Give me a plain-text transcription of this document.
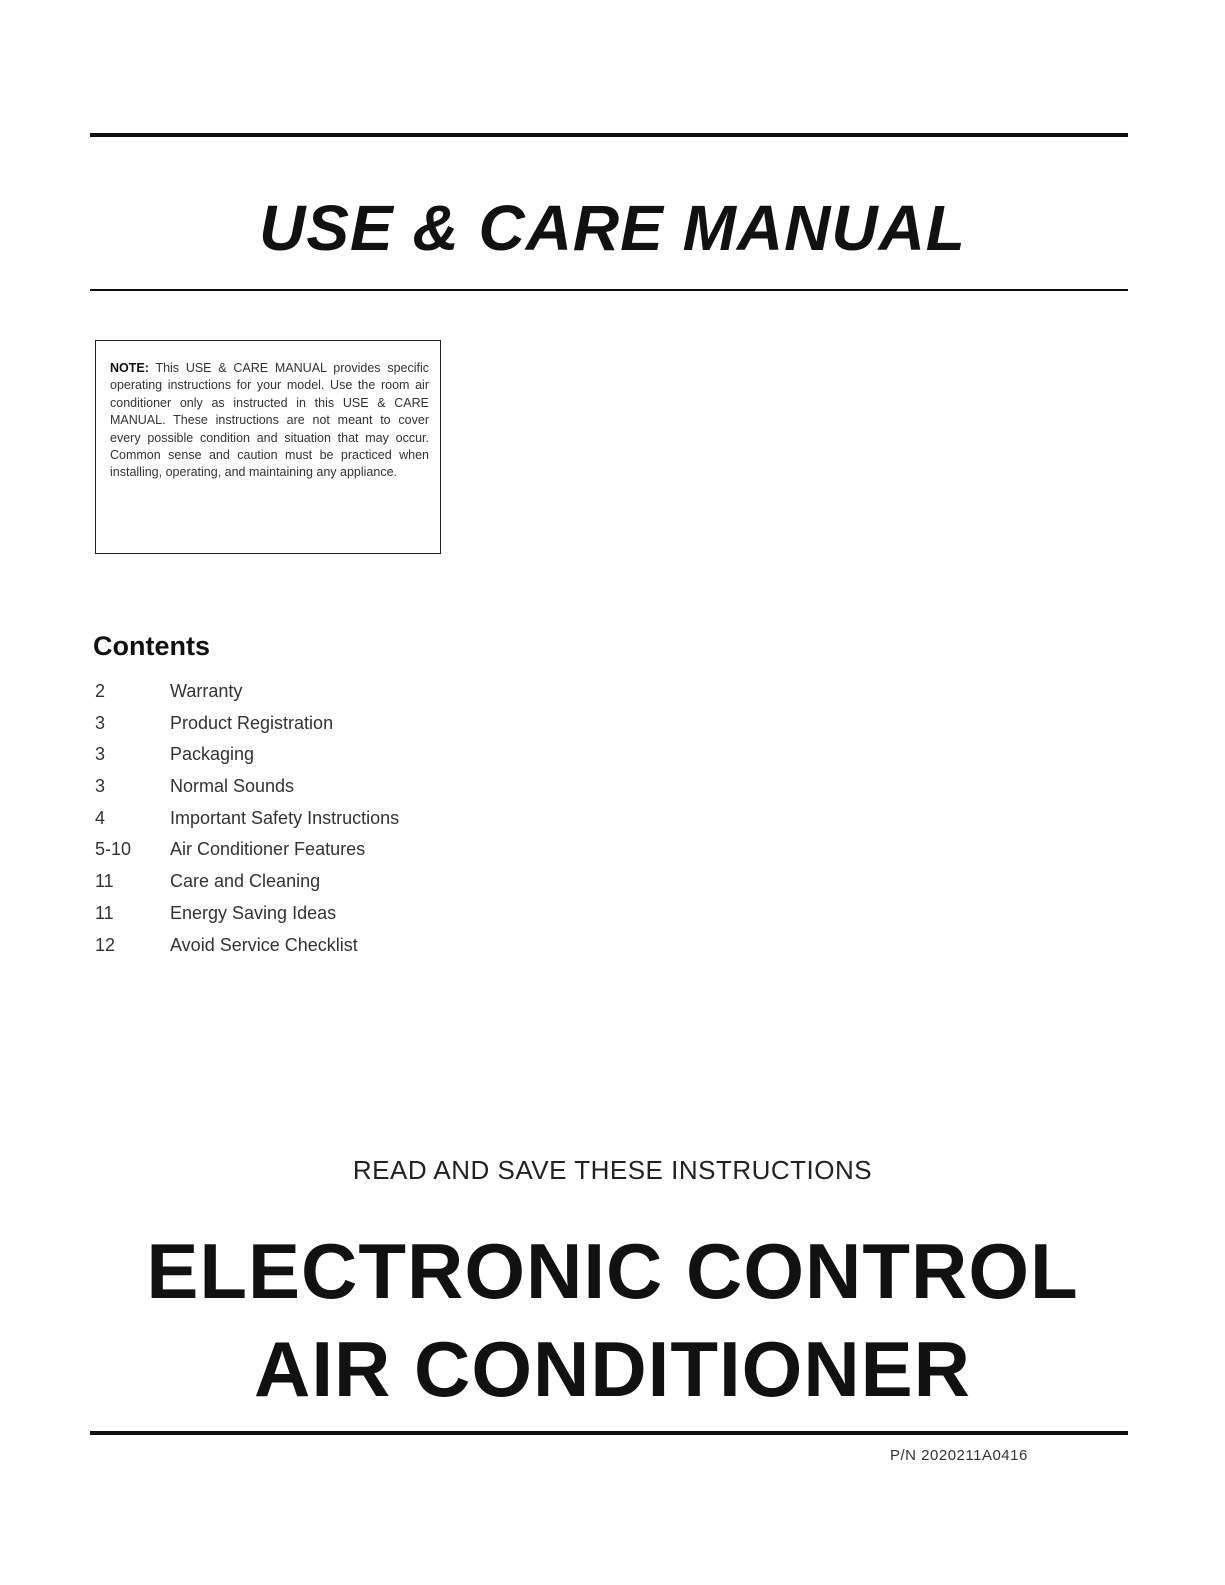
USE & CARE MANUAL
NOTE: This USE & CARE MANUAL provides specific operating instructions for your model. Use the room air conditioner only as instructed in this USE & CARE MANUAL. These instructions are not meant to cover every possible condition and situation that may occur. Common sense and caution must be practiced when installing, operating, and maintaining any appliance.
Contents
2	Warranty
3	Product Registration
3	Packaging
3	Normal Sounds
4	Important Safety Instructions
5-10 Air Conditioner Features
11	Care and Cleaning
11	Energy Saving Ideas
12	Avoid Service Checklist
READ AND SAVE THESE INSTRUCTIONS
ELECTRONIC CONTROL
AIR CONDITIONER
P/N 2020211A0416
